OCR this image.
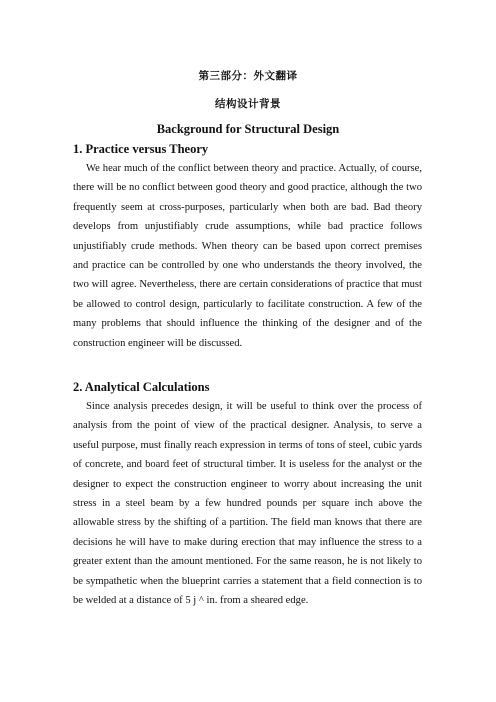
第三部分：外文翻译
结构设计背景
Background for Structural Design
1. Practice versus Theory

We hear much of the conflict between theory and practice. Actually, of course, there will be no conflict between good theory and good practice, although the two frequently seem at cross-purposes, particularly when both are bad. Bad theory develops from unjustifiably crude assumptions, while bad practice follows unjustifiably crude methods. When theory can be based upon correct premises and practice can be controlled by one who understands the theory involved, the two will agree. Nevertheless, there are certain considerations of practice that must be allowed to control design, particularly to facilitate construction. A few of the many problems that should influence the thinking of the designer and of the construction engineer will be discussed.

2. Analytical Calculations

Since analysis precedes design, it will be useful to think over the process of analysis from the point of view of the practical designer. Analysis, to serve a useful purpose, must finally reach expression in terms of tons of steel, cubic yards of concrete, and board feet of structural timber. It is useless for the analyst or the designer to expect the construction engineer to worry about increasing the unit stress in a steel beam by a few hundred pounds per square inch above the allowable stress by the shifting of a partition. The field man knows that there are decisions he will have to make during erection that may influence the stress to a greater extent than the amount mentioned. For the same reason, he is not likely to be sympathetic when the blueprint carries a statement that a field connection is to be welded at a distance of 5 j ^ in. from a sheared edge.
